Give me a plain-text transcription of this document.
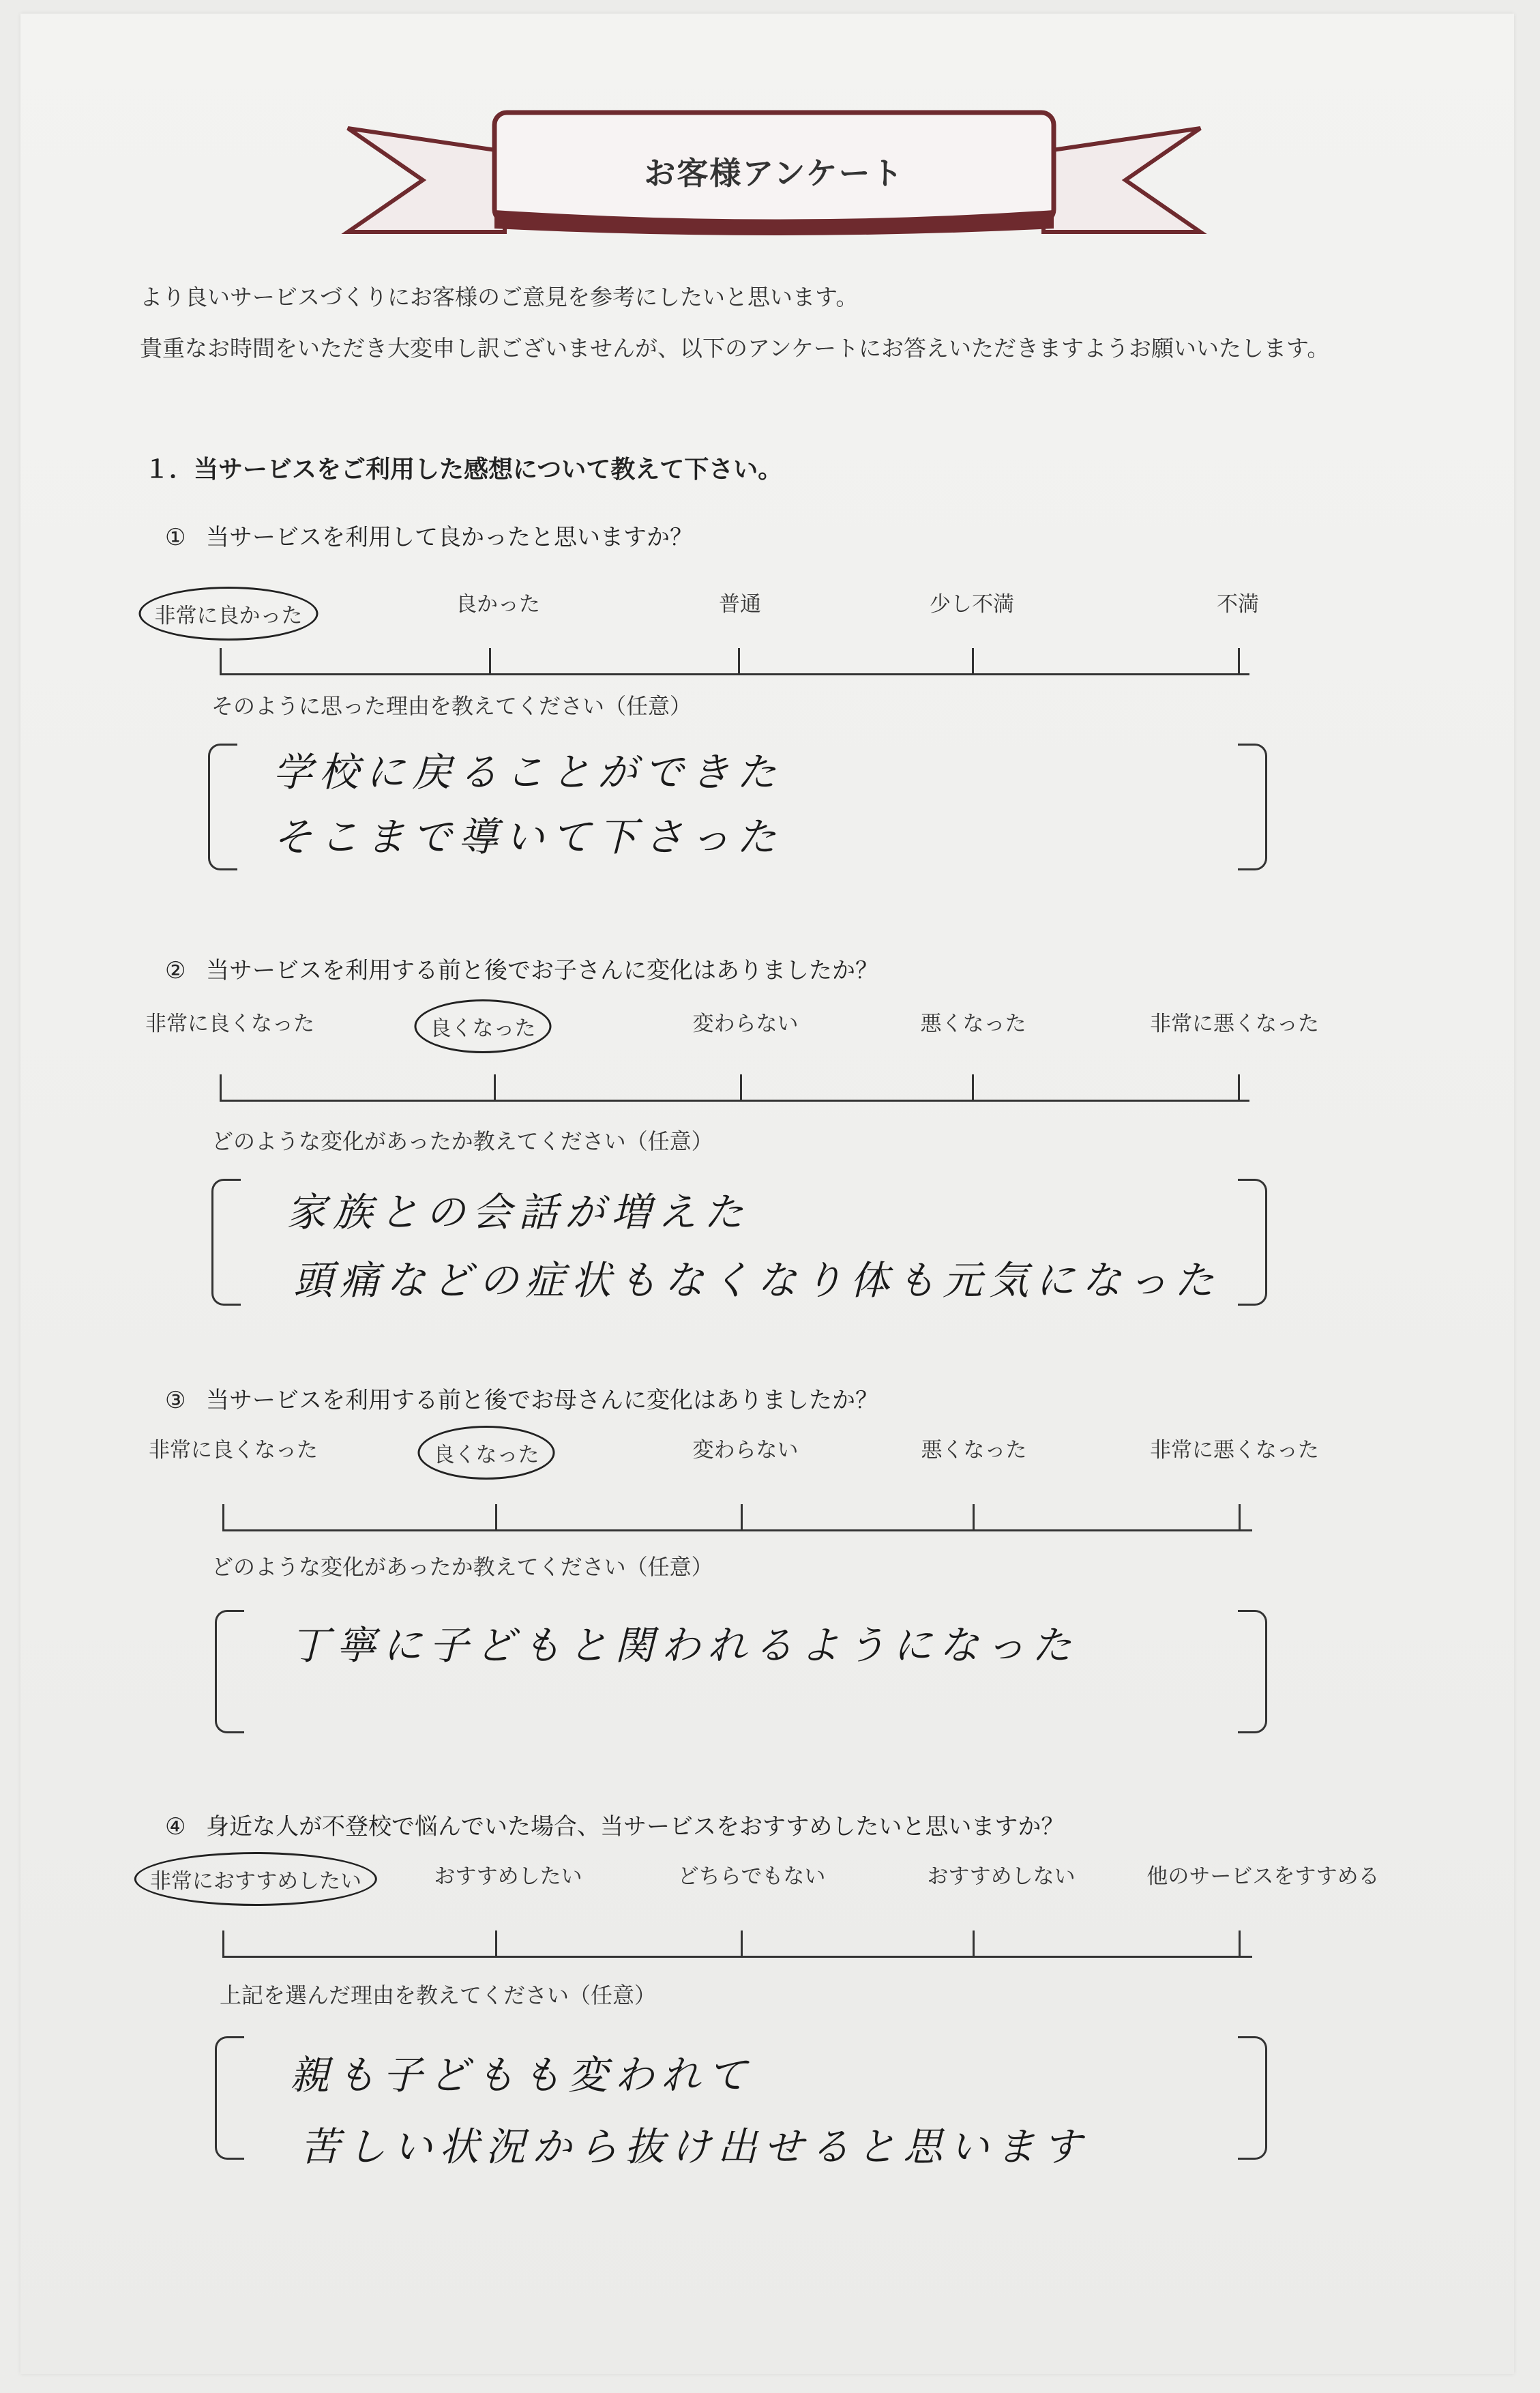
お客様アンケート
より良いサービスづくりにお客様のご意見を参考にしたいと思います。
貴重なお時間をいただき大変申し訳ございませんが、以下のアンケートにお答えいただきますようお願いいたします。
１．当サービスをご利用した感想について教えて下さい。
① 当サービスを利用して良かったと思いますか？
非常に良かった	良かった	普通	少し不満	不満
そのように思った理由を教えてください（任意）
学校に戻ることができた
そこまで導いて下さった
② 当サービスを利用する前と後でお子さんに変化はありましたか？
非常に良くなった	良くなった	変わらない	悪くなった	非常に悪くなった
どのような変化があったか教えてください（任意）
家族との会話が増えた
頭痛などの症状もなくなり体も元気になった
③ 当サービスを利用する前と後でお母さんに変化はありましたか？
非常に良くなった	良くなった	変わらない	悪くなった	非常に悪くなった
どのような変化があったか教えてください（任意）
丁寧に子どもと関われるようになった
④ 身近な人が不登校で悩んでいた場合、当サービスをおすすめしたいと思いますか？
非常におすすめしたい	おすすめしたい	どちらでもない	おすすめしない	他のサービスをすすめる
上記を選んだ理由を教えてください（任意）
親も子どもも変われて
苦しい状況から抜け出せると思います
